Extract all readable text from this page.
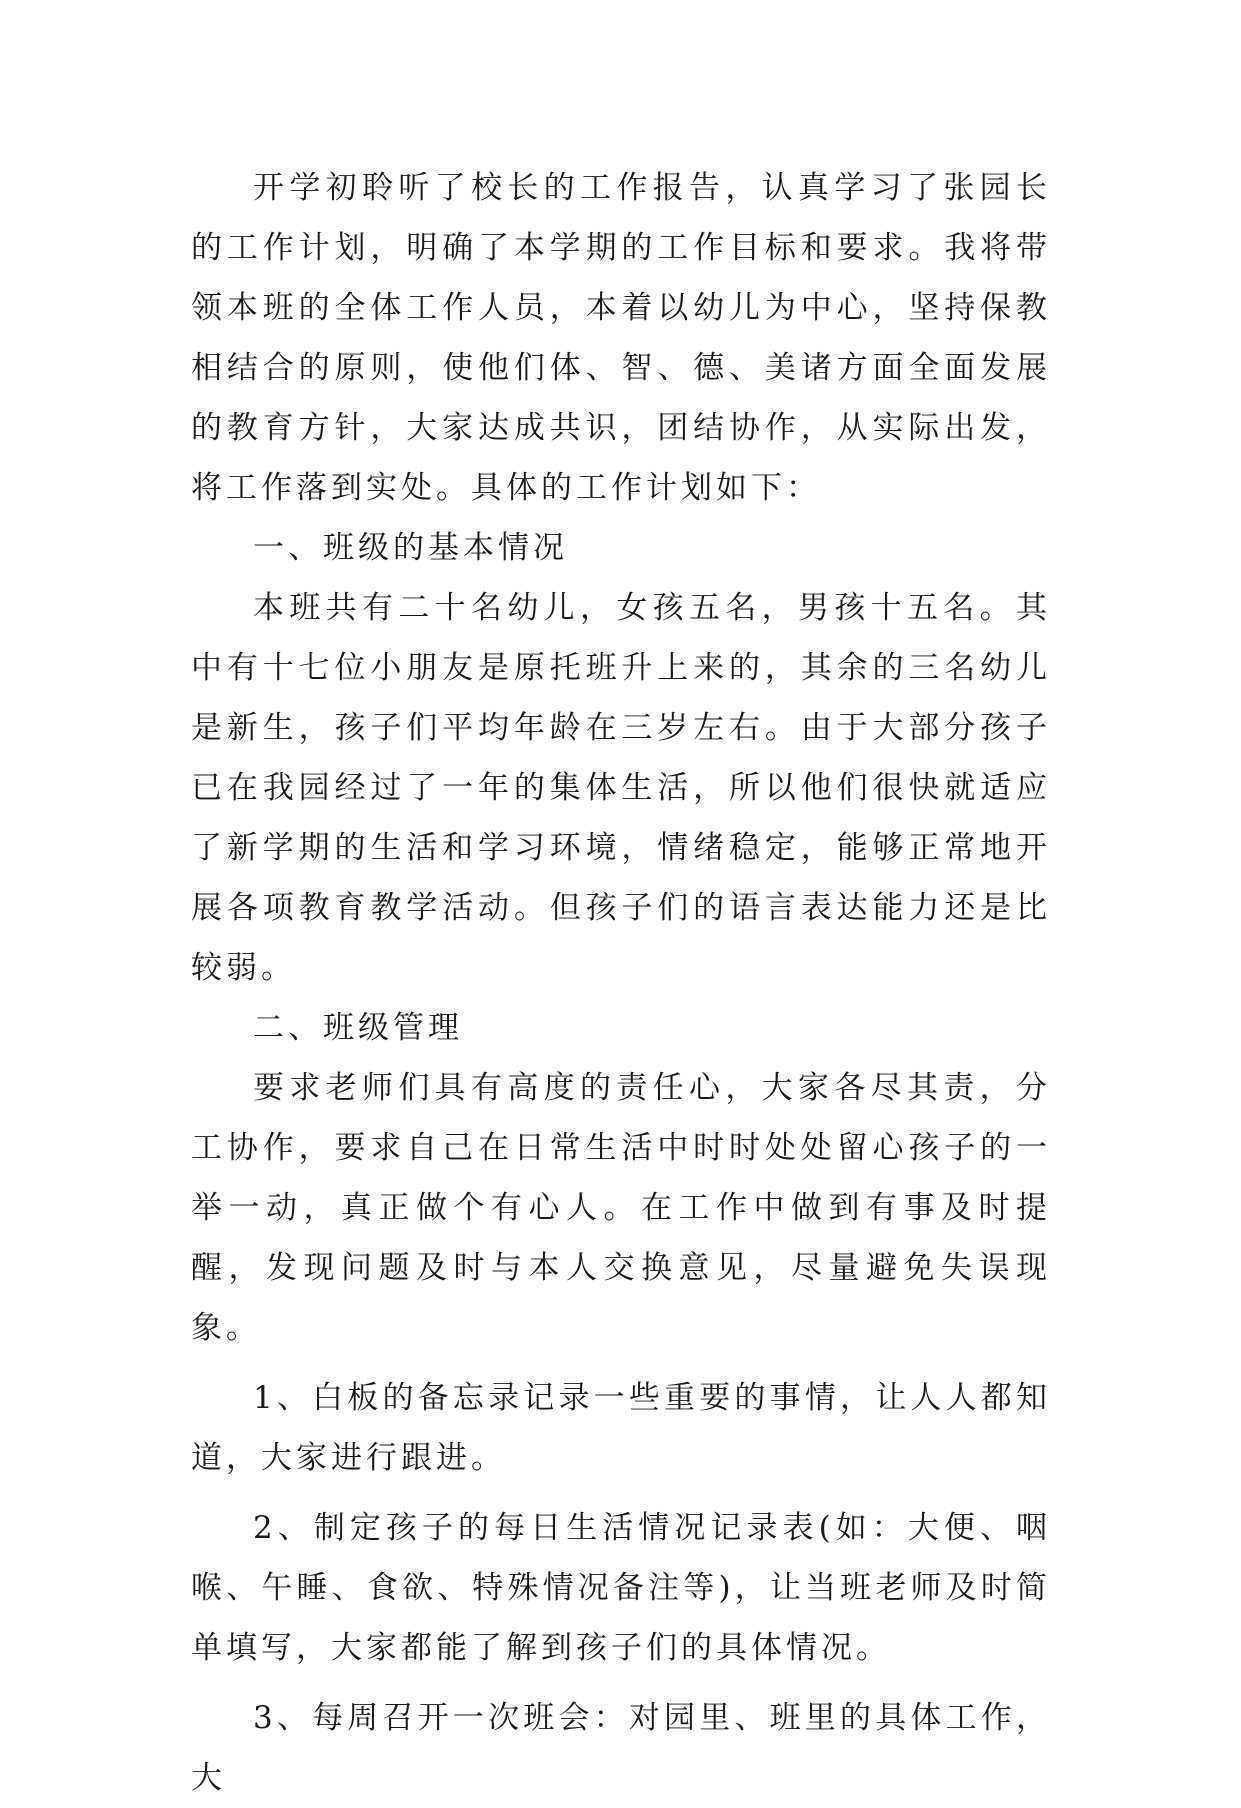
开学初聆听了校长的工作报告，认真学习了张园长的工作计划，明确了本学期的工作目标和要求。我将带领本班的全体工作人员，本着以幼儿为中心，坚持保教相结合的原则，使他们体、智、德、美诸方面全面发展的教育方针，大家达成共识，团结协作，从实际出发，将工作落到实处。具体的工作计划如下：

一、班级的基本情况

本班共有二十名幼儿，女孩五名，男孩十五名。其中有十七位小朋友是原托班升上来的，其余的三名幼儿是新生，孩子们平均年龄在三岁左右。由于大部分孩子已在我园经过了一年的集体生活，所以他们很快就适应了新学期的生活和学习环境，情绪稳定，能够正常地开展各项教育教学活动。但孩子们的语言表达能力还是比较弱。

二、班级管理

要求老师们具有高度的责任心，大家各尽其责，分工协作，要求自己在日常生活中时时处处留心孩子的一举一动，真正做个有心人。在工作中做到有事及时提醒，发现问题及时与本人交换意见，尽量避免失误现象。

1、白板的备忘录记录一些重要的事情，让人人都知道，大家进行跟进。

2、制定孩子的每日生活情况记录表(如：大便、咽喉、午睡、食欲、特殊情况备注等)，让当班老师及时简单填写，大家都能了解到孩子们的具体情况。

3、每周召开一次班会：对园里、班里的具体工作，大
